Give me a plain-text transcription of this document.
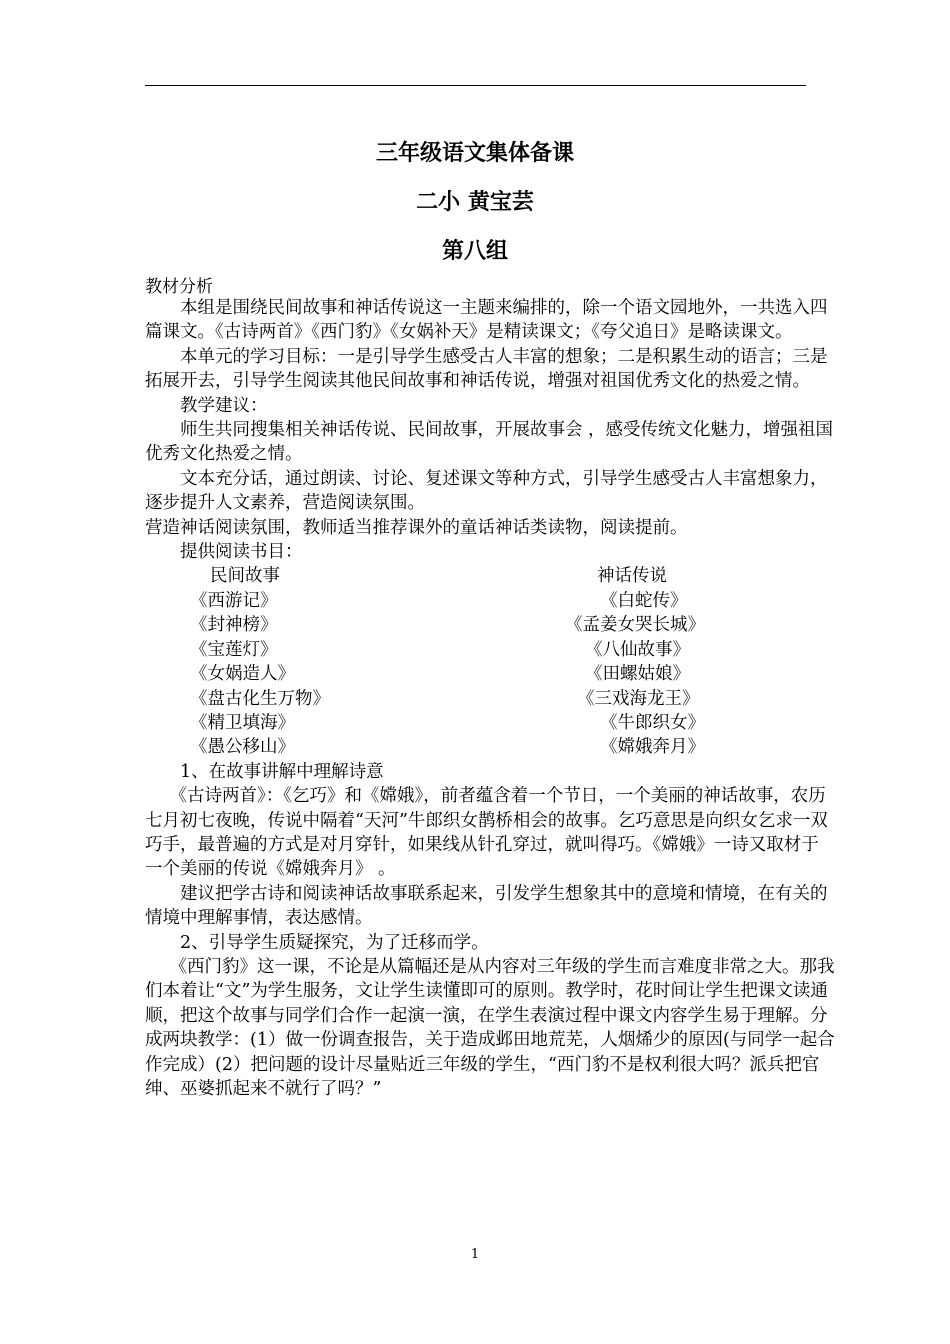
三年级语文集体备课
二小 黄宝芸
第八组
教材分析

本组是围绕民间故事和神话传说这一主题来编排的，除一个语文园地外，一共选入四篇课文。《古诗两首》《西门豹》《女娲补天》是精读课文；《夸父追日》是略读课文。

本单元的学习目标：一是引导学生感受古人丰富的想象；二是积累生动的语言；三是拓展开去，引导学生阅读其他民间故事和神话传说，增强对祖国优秀文化的热爱之情。

教学建议：

师生共同搜集相关神话传说、民间故事，开展故事会 ，感受传统文化魅力，增强祖国优秀文化热爱之情。

文本充分话，通过朗读、讨论、复述课文等种方式，引导学生感受古人丰富想象力，逐步提升人文素养，营造阅读氛围。

营造神话阅读氛围，教师适当推荐课外的童话神话类读物，阅读提前。

提供阅读书目：

民间故事
《西游记》
《封神榜》
《宝莲灯》
《女娲造人》
《盘古化生万物》
《精卫填海》
《愚公移山》
神话传说
《白蛇传》
《孟姜女哭长城》
《八仙故事》
《田螺姑娘》
《三戏海龙王》
《牛郎织女》
《嫦娥奔月》

1、在故事讲解中理解诗意

《古诗两首》：《乞巧》和《嫦娥》，前者蕴含着一个节日，一个美丽的神话故事，农历七月初七夜晚，传说中隔着“天河”牛郎织女鹊桥相会的故事。乞巧意思是向织女乞求一双巧手，最普遍的方式是对月穿针，如果线从针孔穿过，就叫得巧。《嫦娥》一诗又取材于一个美丽的传说《嫦娥奔月》 。

建议把学古诗和阅读神话故事联系起来，引发学生想象其中的意境和情境，在有关的情境中理解事情，表达感情。

2、引导学生质疑探究，为了迁移而学。

《西门豹》这一课，不论是从篇幅还是从内容对三年级的学生而言难度非常之大。那我们本着让“文”为学生服务，文让学生读懂即可的原则。教学时，花时间让学生把课文读通顺，把这个故事与同学们合作一起演一演，在学生表演过程中课文内容学生易于理解。分成两块教学：(1）做一份调查报告，关于造成邺田地荒芜，人烟烯少的原因(与同学一起合作完成）(2）把问题的设计尽量贴近三年级的学生，“西门豹不是权利很大吗？派兵把官绅、巫婆抓起来不就行了吗？”

1
